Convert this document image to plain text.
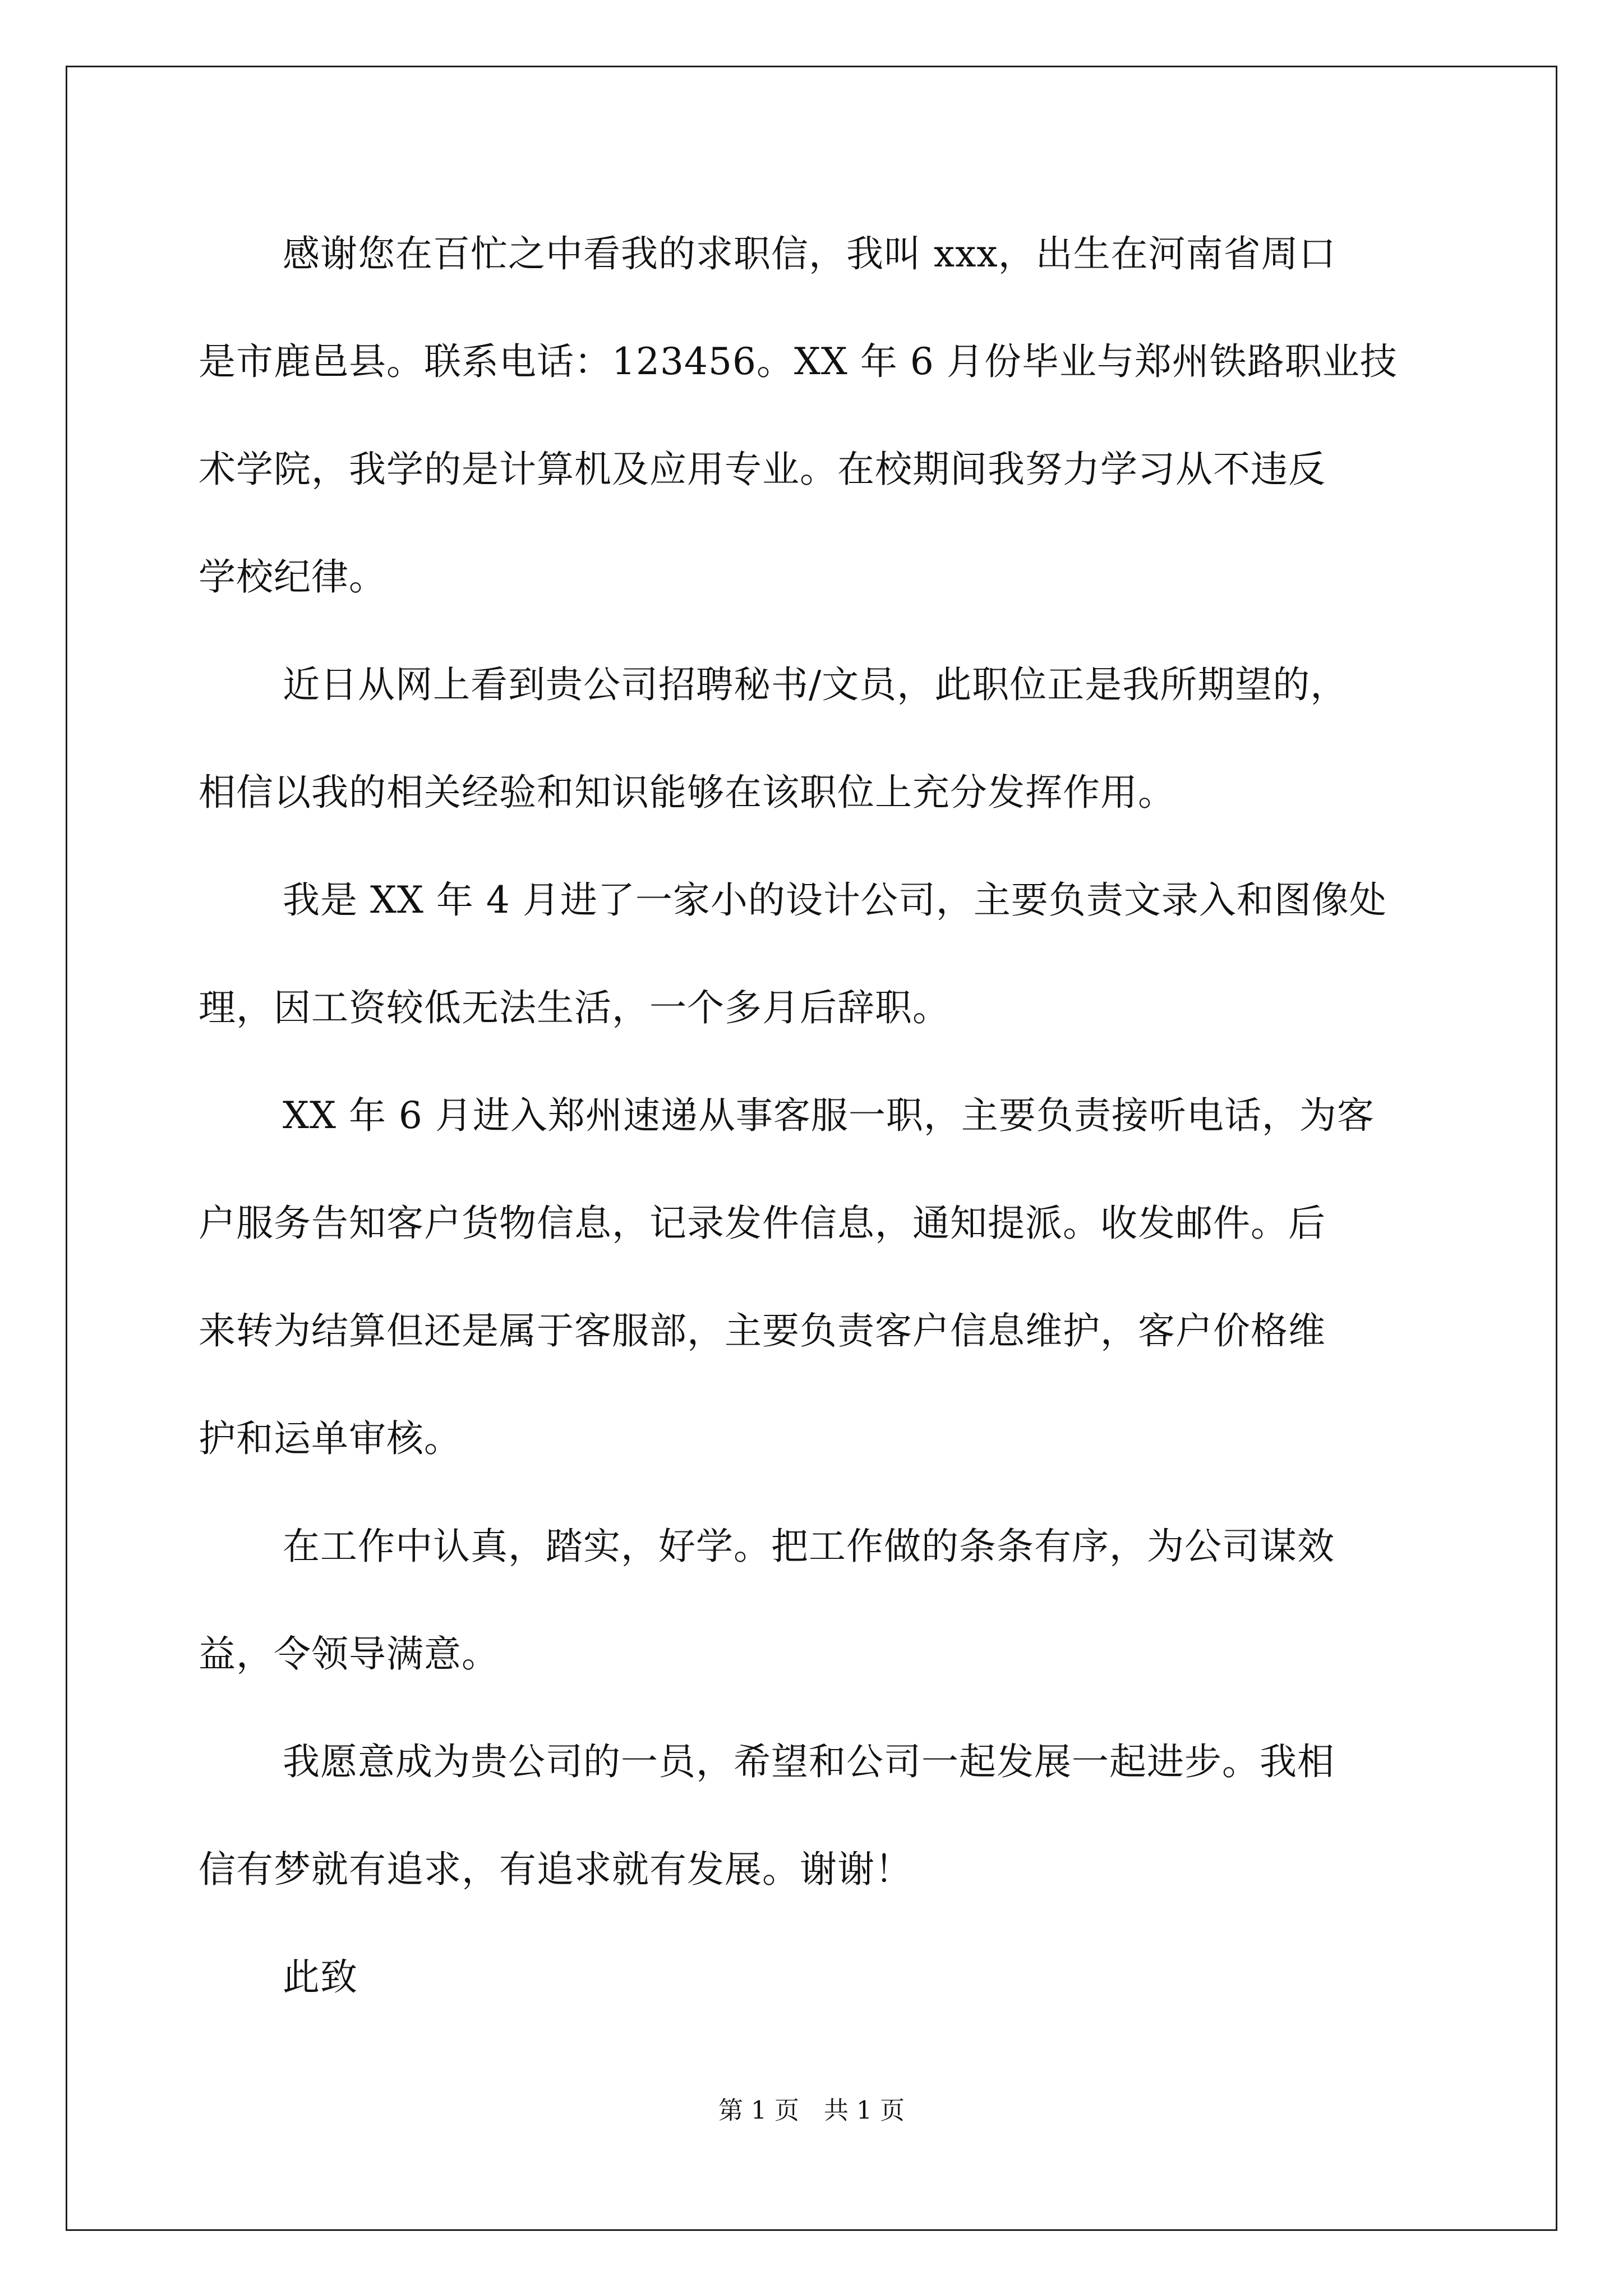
感谢您在百忙之中看我的求职信，我叫 xxx，出生在河南省周口
是市鹿邑县。联系电话：123456。XX 年 6 月份毕业与郑州铁路职业技
术学院，我学的是计算机及应用专业。在校期间我努力学习从不违反
学校纪律。
近日从网上看到贵公司招聘秘书/文员，此职位正是我所期望的，
相信以我的相关经验和知识能够在该职位上充分发挥作用。
我是 XX 年 4 月进了一家小的设计公司，主要负责文录入和图像处
理，因工资较低无法生活，一个多月后辞职。
XX 年 6 月进入郑州速递从事客服一职，主要负责接听电话，为客
户服务告知客户货物信息，记录发件信息，通知提派。收发邮件。后
来转为结算但还是属于客服部，主要负责客户信息维护，客户价格维
护和运单审核。
在工作中认真，踏实，好学。把工作做的条条有序，为公司谋效
益，令领导满意。
我愿意成为贵公司的一员，希望和公司一起发展一起进步。我相
信有梦就有追求，有追求就有发展。谢谢！
此致
第 1 页　共 1 页
